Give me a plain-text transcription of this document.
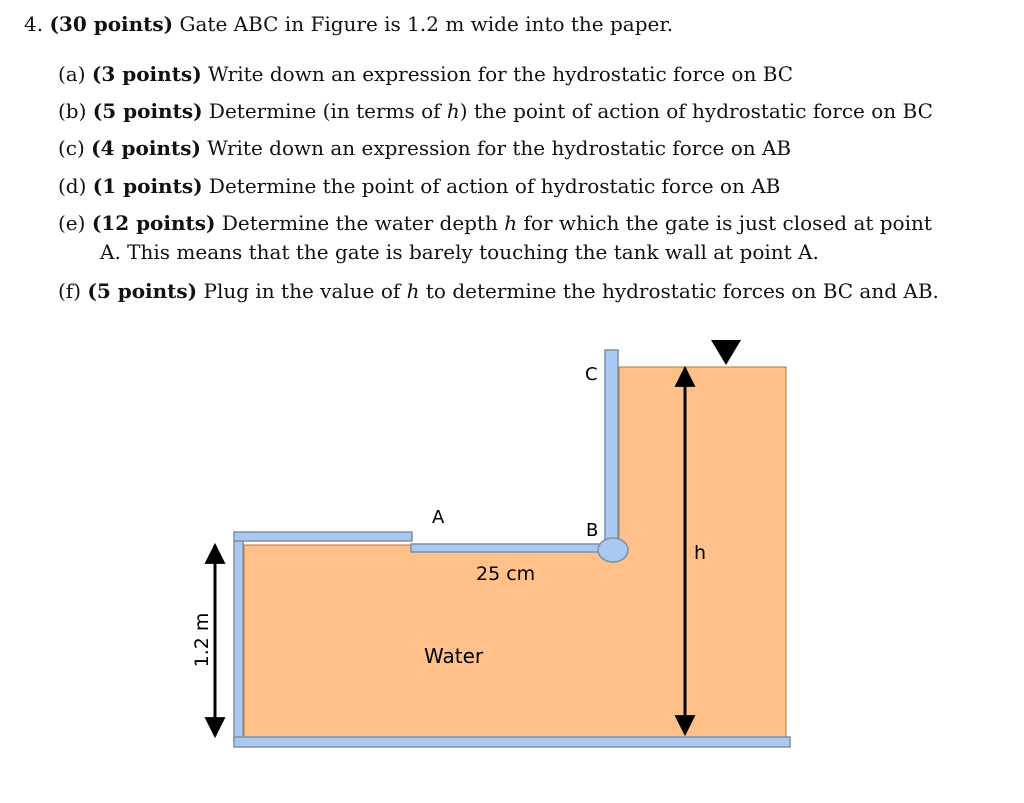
4. (30 points) Gate ABC in Figure is 1.2 m wide into the paper.
(a) (3 points) Write down an expression for the hydrostatic force on BC
(b) (5 points) Determine (in terms of h) the point of action of hydrostatic force on BC
(c) (4 points) Write down an expression for the hydrostatic force on AB
(d) (1 points) Determine the point of action of hydrostatic force on AB
(e) (12 points) Determine the water depth h for which the gate is just closed at point
A. This means that the gate is barely touching the tank wall at point A.
(f) (5 points) Plug in the value of h to determine the hydrostatic forces on BC and AB.
C
A
B
h
25 cm
Water
1.2 m
